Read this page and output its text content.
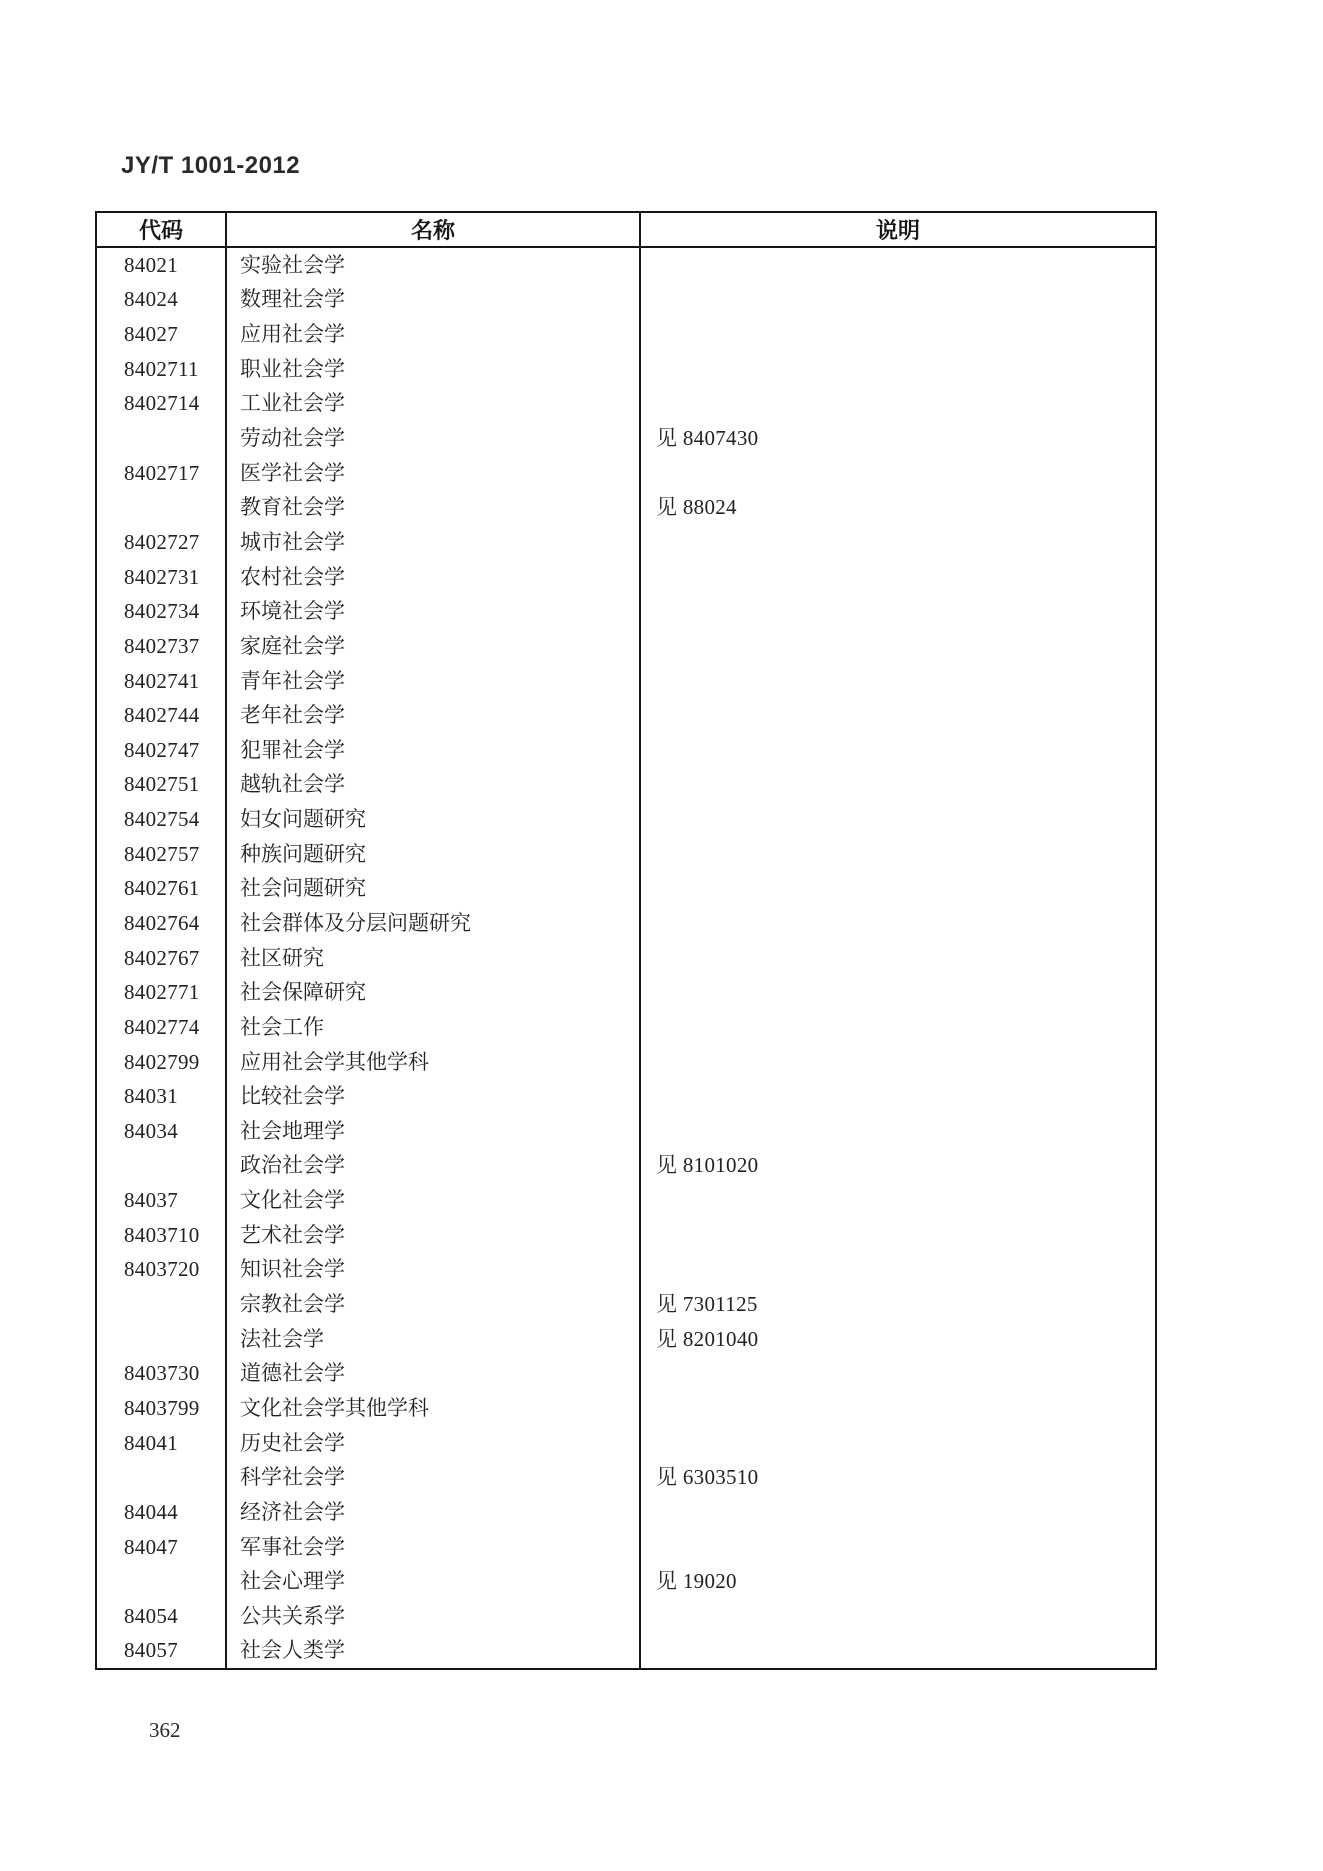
JY/T 1001-2012
代码	名称	说明
84021	实验社会学	
84024	数理社会学	
84027	应用社会学	
8402711	职业社会学	
8402714	工业社会学	
	劳动社会学	见 8407430
8402717	医学社会学	
	教育社会学	见 88024
8402727	城市社会学	
8402731	农村社会学	
8402734	环境社会学	
8402737	家庭社会学	
8402741	青年社会学	
8402744	老年社会学	
8402747	犯罪社会学	
8402751	越轨社会学	
8402754	妇女问题研究	
8402757	种族问题研究	
8402761	社会问题研究	
8402764	社会群体及分层问题研究	
8402767	社区研究	
8402771	社会保障研究	
8402774	社会工作	
8402799	应用社会学其他学科	
84031	比较社会学	
84034	社会地理学	
	政治社会学	见 8101020
84037	文化社会学	
8403710	艺术社会学	
8403720	知识社会学	
	宗教社会学	见 7301125
	法社会学	见 8201040
8403730	道德社会学	
8403799	文化社会学其他学科	
84041	历史社会学	
	科学社会学	见 6303510
84044	经济社会学	
84047	军事社会学	
	社会心理学	见 19020
84054	公共关系学	
84057	社会人类学	
362
